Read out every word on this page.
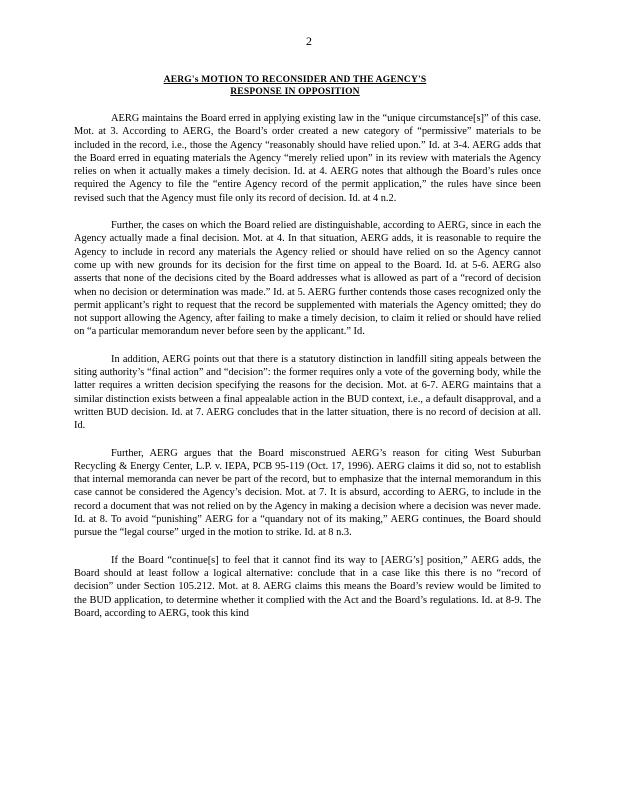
2
AERG's MOTION TO RECONSIDER AND THE AGENCY'S
RESPONSE IN OPPOSITION

AERG maintains the Board erred in applying existing law in the “unique circumstance[s]” of this case. Mot. at 3. According to AERG, the Board’s order created a new category of “permissive” materials to be included in the record, i.e., those the Agency “reasonably should have relied upon.” Id. at 3-4. AERG adds that the Board erred in equating materials the Agency “merely relied upon” in its review with materials the Agency relies on when it actually makes a timely decision. Id. at 4. AERG notes that although the Board’s rules once required the Agency to file the “entire Agency record of the permit application,” the rules have since been revised such that the Agency must file only its record of decision. Id. at 4 n.2.

Further, the cases on which the Board relied are distinguishable, according to AERG, since in each the Agency actually made a final decision. Mot. at 4. In that situation, AERG adds, it is reasonable to require the Agency to include in record any materials the Agency relied or should have relied on so the Agency cannot come up with new grounds for its decision for the first time on appeal to the Board. Id. at 5-6. AERG also asserts that none of the decisions cited by the Board addresses what is allowed as part of a “record of decision when no decision or determination was made.” Id. at 5. AERG further contends those cases recognized only the permit applicant’s right to request that the record be supplemented with materials the Agency omitted; they do not support allowing the Agency, after failing to make a timely decision, to claim it relied or should have relied on “a particular memorandum never before seen by the applicant.” Id.

In addition, AERG points out that there is a statutory distinction in landfill siting appeals between the siting authority’s “final action” and “decision”: the former requires only a vote of the governing body, while the latter requires a written decision specifying the reasons for the decision. Mot. at 6-7. AERG maintains that a similar distinction exists between a final appealable action in the BUD context, i.e., a default disapproval, and a written BUD decision. Id. at 7. AERG concludes that in the latter situation, there is no record of decision at all. Id.

Further, AERG argues that the Board misconstrued AERG’s reason for citing West Suburban Recycling & Energy Center, L.P. v. IEPA, PCB 95-119 (Oct. 17, 1996). AERG claims it did so, not to establish that internal memoranda can never be part of the record, but to emphasize that the internal memorandum in this case cannot be considered the Agency’s decision. Mot. at 7. It is absurd, according to AERG, to include in the record a document that was not relied on by the Agency in making a decision where a decision was never made. Id. at 8. To avoid “punishing” AERG for a “quandary not of its making,” AERG continues, the Board should pursue the “legal course” urged in the motion to strike. Id. at 8 n.3.

If the Board “continue[s] to feel that it cannot find its way to [AERG’s] position,” AERG adds, the Board should at least follow a logical alternative: conclude that in a case like this there is no “record of decision” under Section 105.212. Mot. at 8. AERG claims this means the Board’s review would be limited to the BUD application, to determine whether it complied with the Act and the Board’s regulations. Id. at 8-9. The Board, according to AERG, took this kind
